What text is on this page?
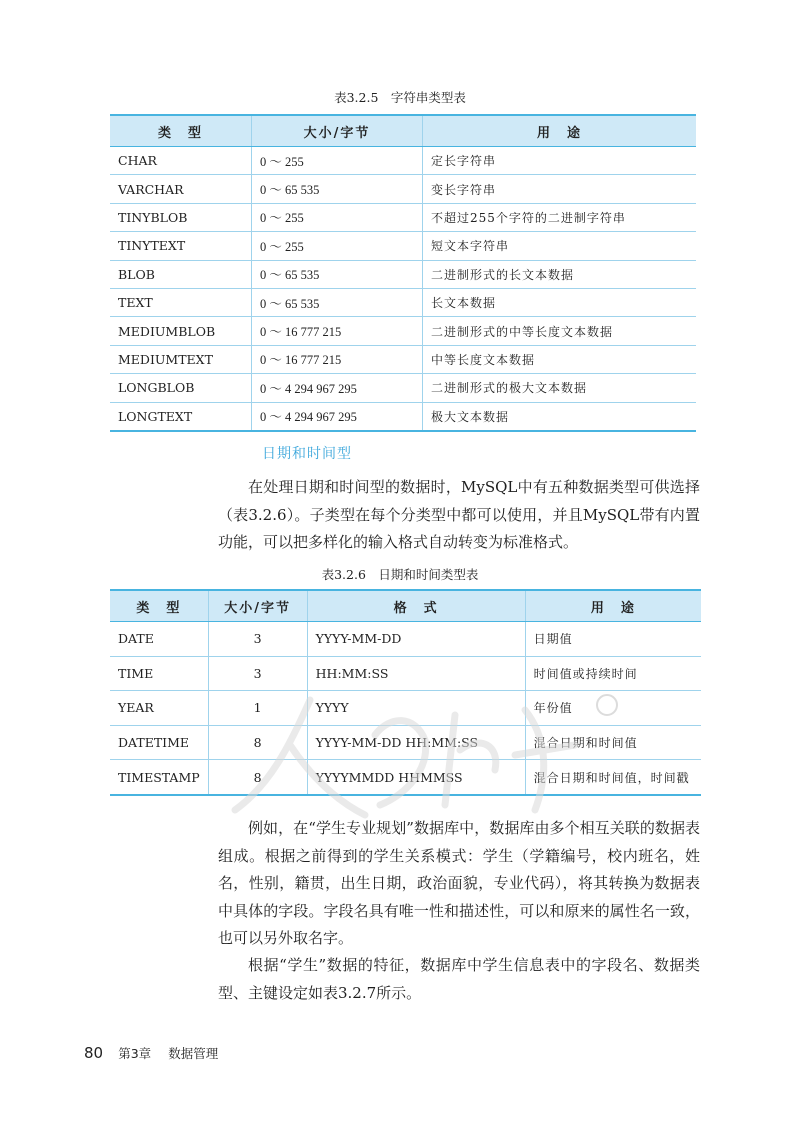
表3.2.5　字符串类型表
类　型	大小/字节	用　途
CHAR	0 ～ 255	定长字符串
VARCHAR	0 ～ 65 535	变长字符串
TINYBLOB	0 ～ 255	不超过255个字符的二进制字符串
TINYTEXT	0 ～ 255	短文本字符串
BLOB	0 ～ 65 535	二进制形式的长文本数据
TEXT	0 ～ 65 535	长文本数据
MEDIUMBLOB	0 ～ 16 777 215	二进制形式的中等长度文本数据
MEDIUMTEXT	0 ～ 16 777 215	中等长度文本数据
LONGBLOB	0 ～ 4 294 967 295	二进制形式的极大文本数据
LONGTEXT	0 ～ 4 294 967 295	极大文本数据
日期和时间型

在处理日期和时间型的数据时，MySQL中有五种数据类型可供选择（表3.2.6）。子类型在每个分类型中都可以使用，并且MySQL带有内置功能，可以把多样化的输入格式自动转变为标准格式。

表3.2.6　日期和时间类型表
类　型	大小/字节	格　式	用　途
DATE	3	YYYY-MM-DD	日期值
TIME	3	HH:MM:SS	时间值或持续时间
YEAR	1	YYYY	年份值
DATETIME	8	YYYY-MM-DD HH:MM:SS	混合日期和时间值
TIMESTAMP	8	YYYYMMDD HHMMSS	混合日期和时间值，时间戳

例如，在“学生专业规划”数据库中，数据库由多个相互关联的数据表组成。根据之前得到的学生关系模式：学生（学籍编号，校内班名，姓名，性别，籍贯，出生日期，政治面貌，专业代码），将其转换为数据表中具体的字段。字段名具有唯一性和描述性，可以和原来的属性名一致，也可以另外取名字。

根据“学生”数据的特征，数据库中学生信息表中的字段名、数据类型、主键设定如表3.2.7所示。

80 第3章 数据管理
